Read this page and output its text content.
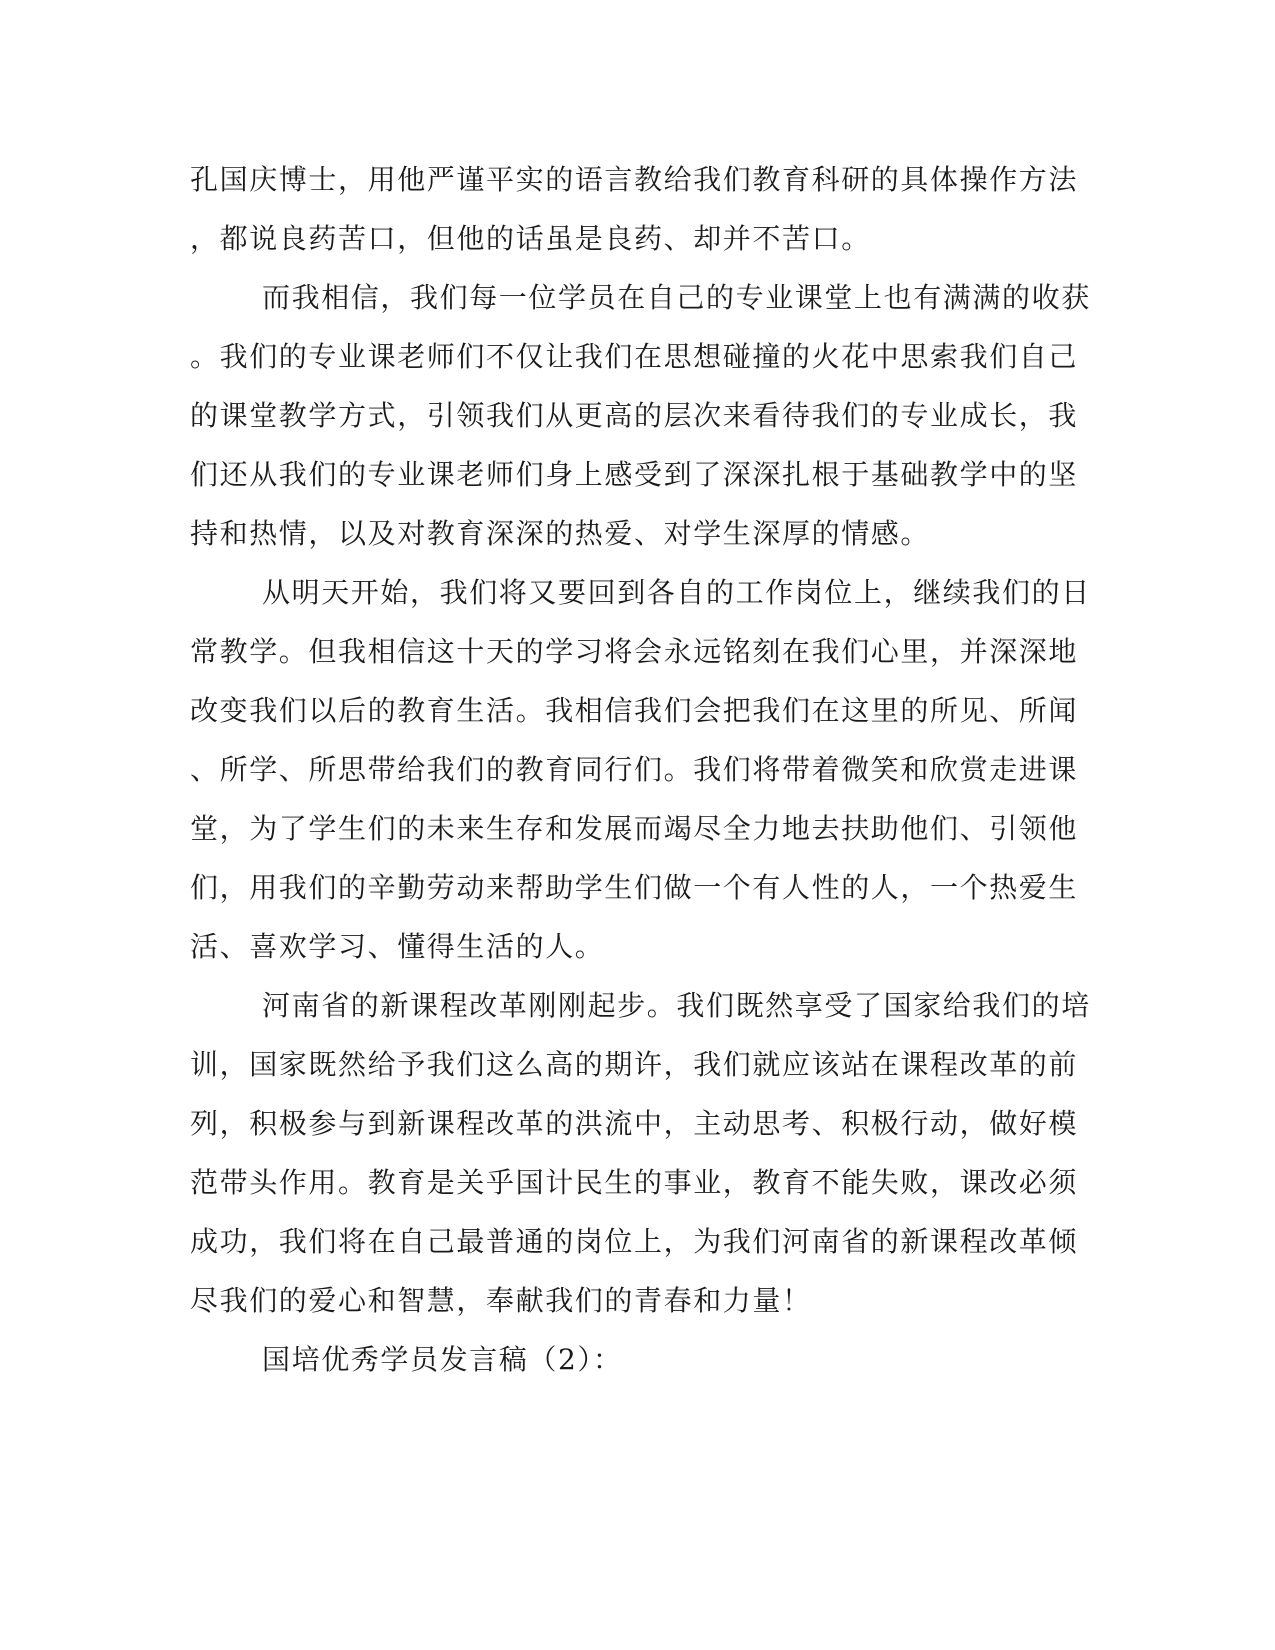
孔国庆博士，用他严谨平实的语言教给我们教育科研的具体操作方法
，都说良药苦口，但他的话虽是良药、却并不苦口。
而我相信，我们每一位学员在自己的专业课堂上也有满满的收获
。我们的专业课老师们不仅让我们在思想碰撞的火花中思索我们自己
的课堂教学方式，引领我们从更高的层次来看待我们的专业成长，我
们还从我们的专业课老师们身上感受到了深深扎根于基础教学中的坚
持和热情，以及对教育深深的热爱、对学生深厚的情感。
从明天开始，我们将又要回到各自的工作岗位上，继续我们的日
常教学。但我相信这十天的学习将会永远铭刻在我们心里，并深深地
改变我们以后的教育生活。我相信我们会把我们在这里的所见、所闻
、所学、所思带给我们的教育同行们。我们将带着微笑和欣赏走进课
堂，为了学生们的未来生存和发展而竭尽全力地去扶助他们、引领他
们，用我们的辛勤劳动来帮助学生们做一个有人性的人，一个热爱生
活、喜欢学习、懂得生活的人。
河南省的新课程改革刚刚起步。我们既然享受了国家给我们的培
训，国家既然给予我们这么高的期许，我们就应该站在课程改革的前
列，积极参与到新课程改革的洪流中，主动思考、积极行动，做好模
范带头作用。教育是关乎国计民生的事业，教育不能失败，课改必须
成功，我们将在自己最普通的岗位上，为我们河南省的新课程改革倾
尽我们的爱心和智慧，奉献我们的青春和力量！
国培优秀学员发言稿（2）：
